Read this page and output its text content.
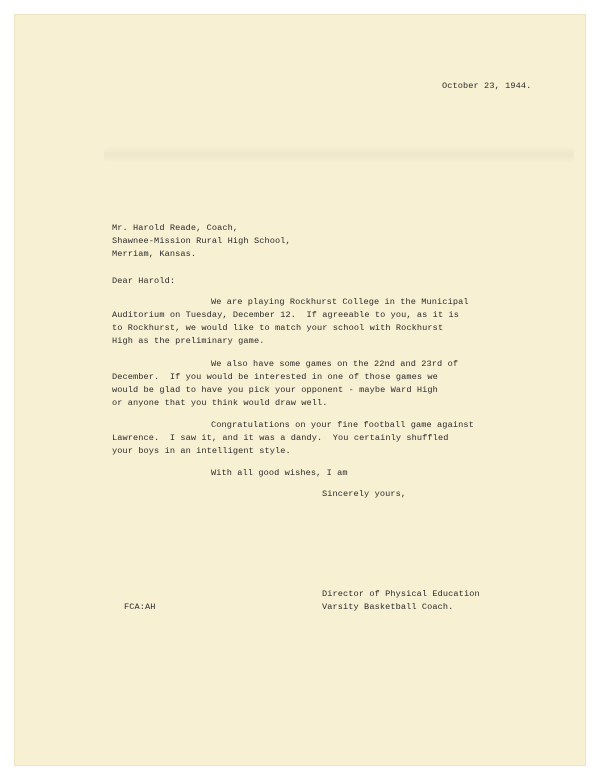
October 23, 1944.
Mr. Harold Reade, Coach,
Shawnee-Mission Rural High School,
Merriam, Kansas.
Dear Harold:
We are playing Rockhurst College in the Municipal
Auditorium on Tuesday, December 12.  If agreeable to you, as it is
to Rockhurst, we would like to match your school with Rockhurst
High as the preliminary game.
We also have some games on the 22nd and 23rd of
December.  If you would be interested in one of those games we
would be glad to have you pick your opponent - maybe Ward High
or anyone that you think would draw well.
Congratulations on your fine football game against
Lawrence.  I saw it, and it was a dandy.  You certainly shuffled
your boys in an intelligent style.
With all good wishes, I am
Sincerely yours,
FCA:AH
Director of Physical Education
Varsity Basketball Coach.
